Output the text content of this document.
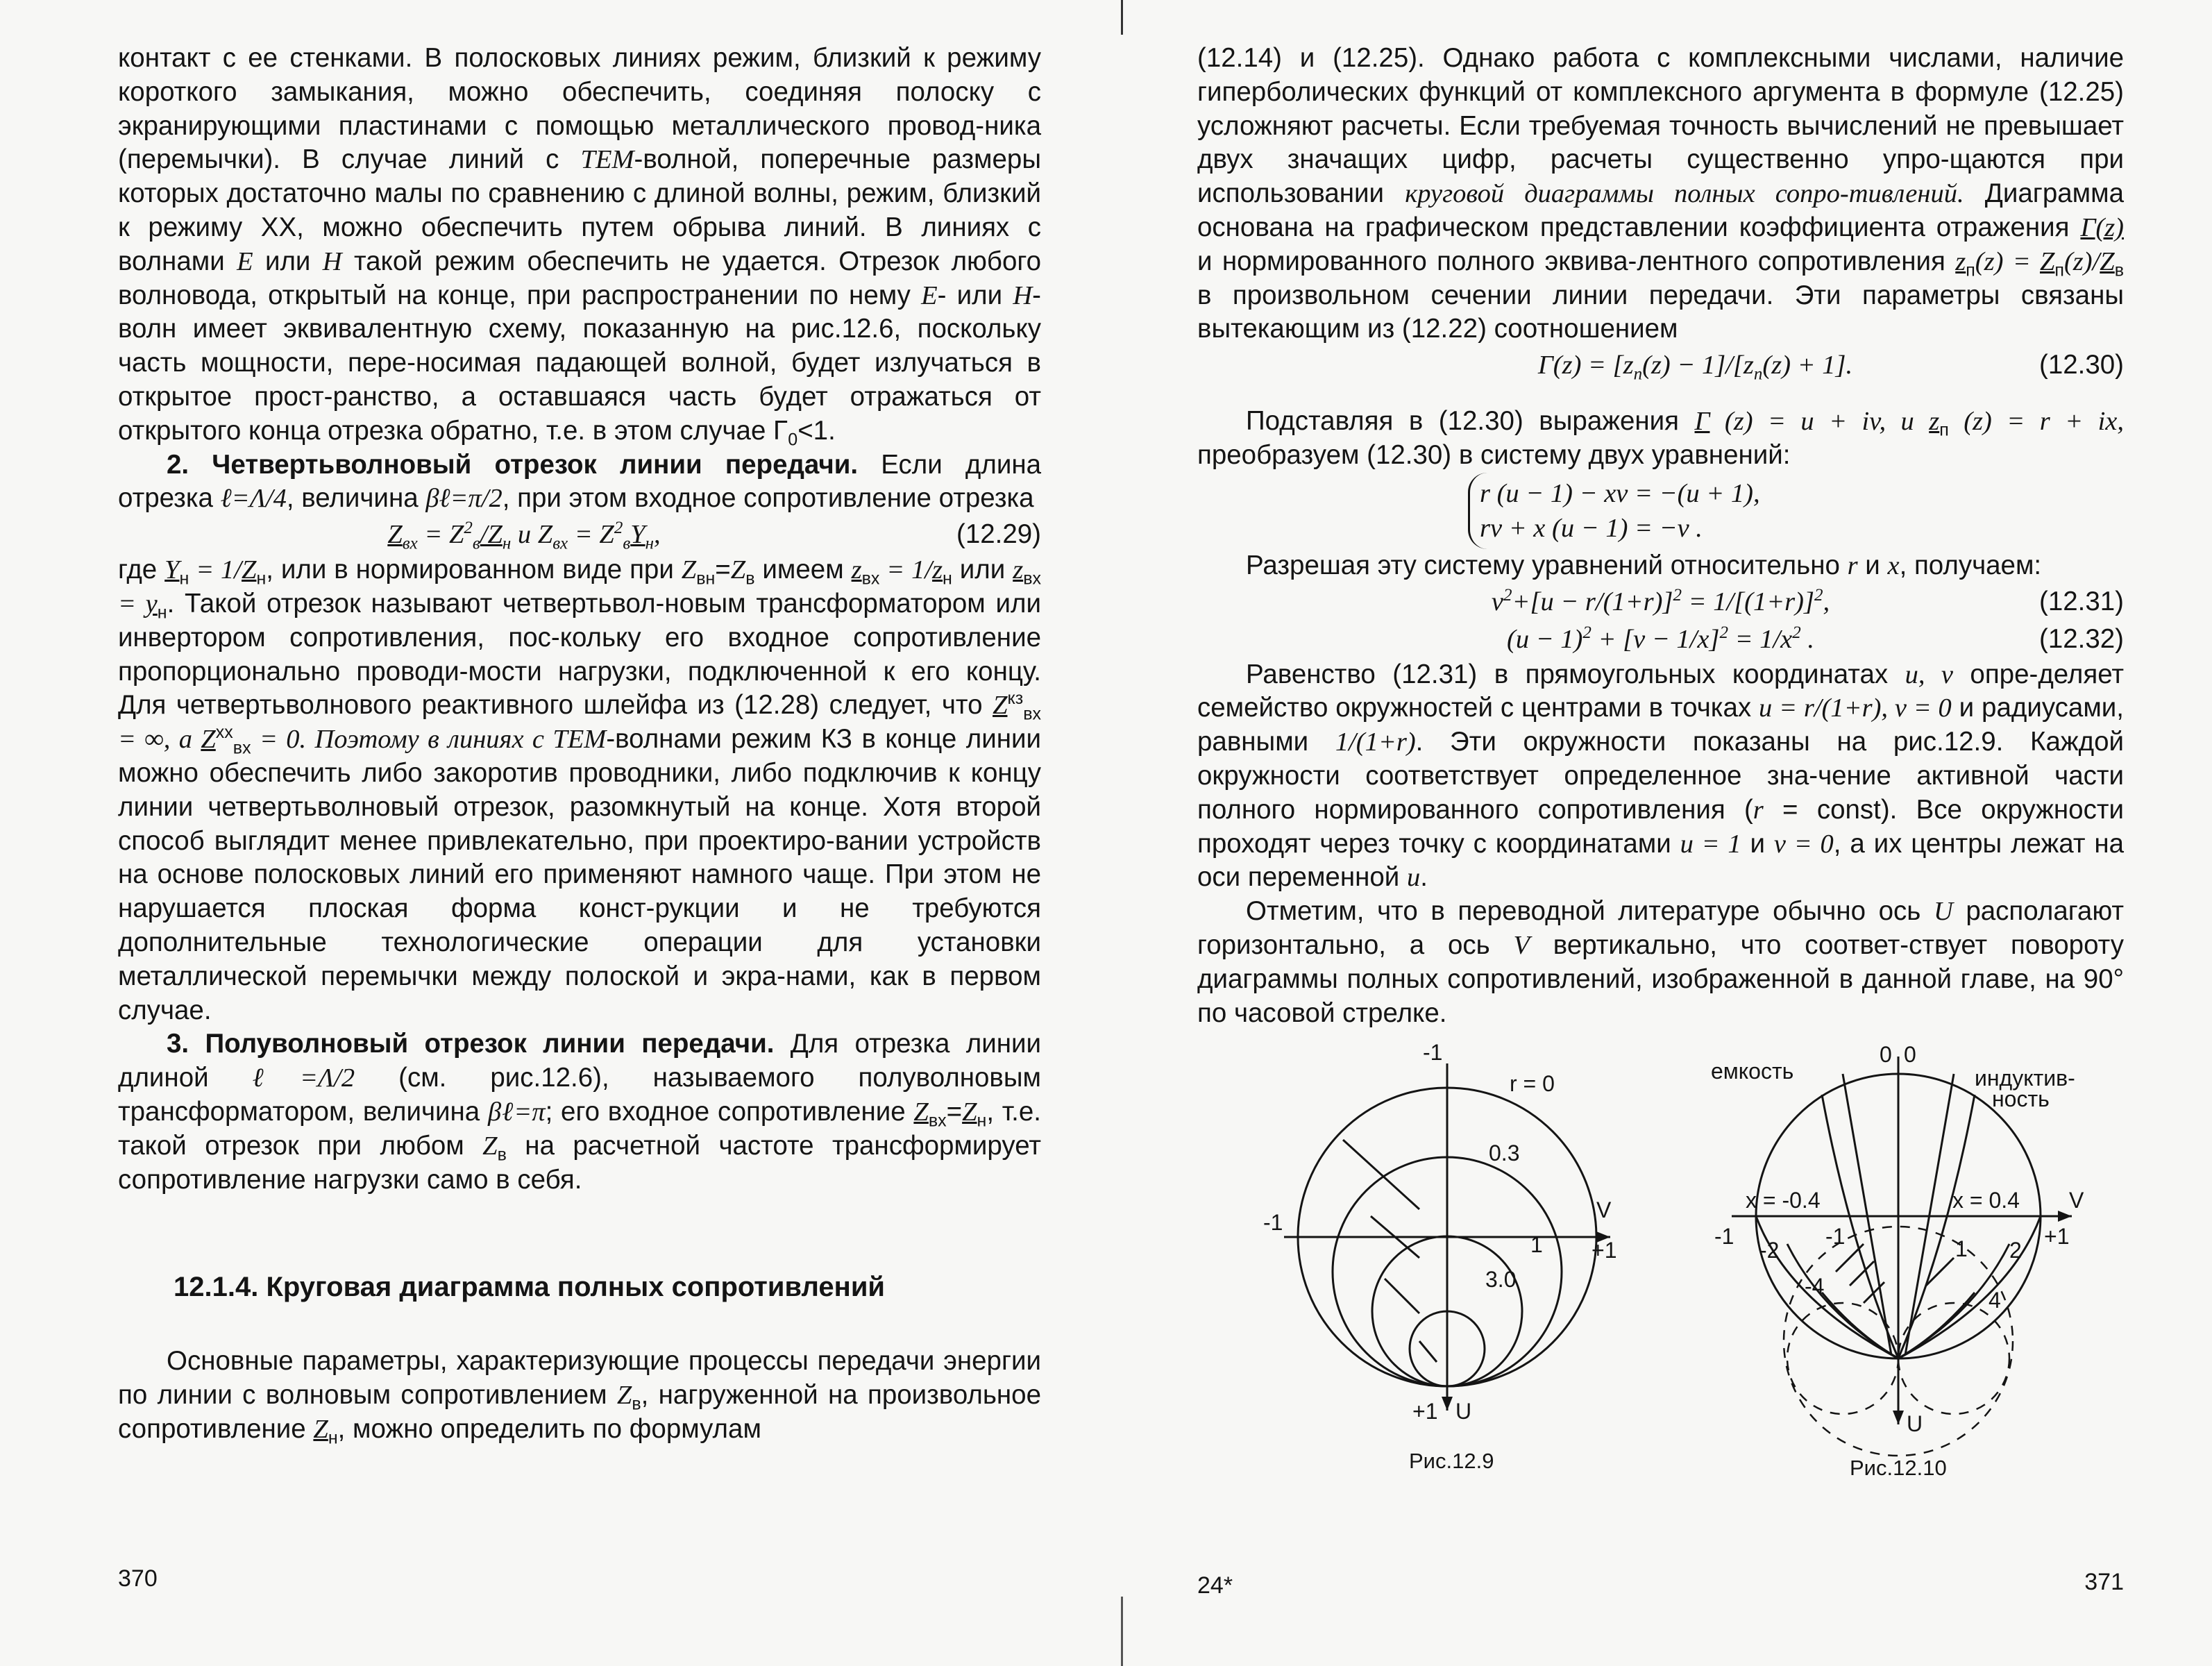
контакт с ее стенками. В полосковых линиях режим, близкий к режиму короткого замыкания, можно обеспечить, соединяя полоску с экранирующими пластинами с помощью металлического провод-ника (перемычки). В случае линий с TEM-волной, поперечные размеры которых достаточно малы по сравнению с длиной волны, режим, близкий к режиму XX, можно обеспечить путем обрыва линий. В линиях с волнами E или H такой режим обеспечить не удается. Отрезок любого волновода, открытый на конце, при распространении по нему E- или H-волн имеет эквивалентную схему, показанную на рис.12.6, поскольку часть мощности, пере-носимая падающей волной, будет излучаться в открытое прост-ранство, а оставшаяся часть будет отражаться от открытого конца отрезка обратно, т.е. в этом случае $\Gamma_0<1$.

2. Четвертьволновый отрезок линии передачи. Если длина отрезка ℓ=Λ/4, величина βℓ=π/2, при этом входное сопротивление отрезка

$Z_{вх} = Z^2_в/Z_н$ и $Z_{вх} = Z^2_вY_н$,	(12.29)

где $Y_н = 1/Z_н$, или в нормированном виде при $Z_{вн}=Z_в$ имеем $z_{вх} = 1/z_н$ или $z_{вх} = y_н$. Такой отрезок называют четвертьвол-новым трансформатором или инвертором сопротивления, пос-кольку его входное сопротивление пропорционально проводи-мости нагрузки, подключенной к его концу. Для четвертьволнового реактивного шлейфа из (12.28) следует, что $Z^{кз}_{вх}$ = ∞, а $Z^{хх}_{вх} = 0$. Поэтому в линиях с TEM-волнами режим КЗ в конце линии можно обеспечить либо закоротив проводники, либо подключив к концу линии четвертьволновый отрезок, разомкнутый на конце. Хотя второй способ выглядит менее привлекательно, при проектиро-вании устройств на основе полосковых линий его применяют намного чаще. При этом не нарушается плоская форма конст-рукции и не требуются дополнительные технологические операции для установки металлической перемычки между полоской и экра-нами, как в первом случае.

3. Полуволновый отрезок линии передачи. Для отрезка линии длиной ℓ=Λ/2 (см. рис.12.6), называемого полуволновым трансформатором, величина βℓ=π; его входное сопротивление $Z_{вх}=Z_н$, т.е. такой отрезок при любом $Z_в$ на расчетной частоте трансформирует сопротивление нагрузки само в себя.

12.1.4. Круговая диаграмма полных сопротивлений

Основные параметры, характеризующие процессы передачи энергии по линии с волновым сопротивлением $Z_в$, нагруженной на произвольное сопротивление $Z_н$, можно определить по формулам

370

(12.14) и (12.25). Однако работа с комплексными числами, наличие гиперболических функций от комплексного аргумента в формуле (12.25) усложняют расчеты. Если требуемая точность вычислений не превышает двух значащих цифр, расчеты существенно упро-щаются при использовании круговой диаграммы полных сопро-тивлений. Диаграмма основана на графическом представлении коэффициента отражения Γ(z) и нормированного полного эквива-лентного сопротивления $z_п(z) = Z_п(z)/Z_в$ в произвольном сечении линии передачи. Эти параметры связаны вытекающим из (12.22) соотношением

$\Gamma(z) = [z_п(z) - 1]/[z_п(z) + 1]$.	(12.30)

Подставляя в (12.30) выражения Γ (z) = u + iv, и $z_п$ (z) = r + ix, преобразуем (12.30) в систему двух уравнений:

r (u − 1) − xv = −(u + 1),
rv + x (u − 1) = −v .

Разрешая эту систему уравнений относительно r и x, получаем:

$v^2+[u - r/(1+r)]^2 = 1/[(1+r)]^2$,	(12.31)
$(u - 1)^2 + [v - 1/x]^2 = 1/x^2$ .	(12.32)

Равенство (12.31) в прямоугольных координатах u, v опре-деляет семейство окружностей с центрами в точках u = r/(1+r), v = 0 и радиусами, равными 1/(1+r). Эти окружности показаны на рис.12.9. Каждой окружности соответствует определенное зна-чение активной части полного нормированного сопротивления (r = const). Все окружности проходят через точку с координатами u = 1 и v = 0, а их центры лежат на оси переменной u.

Отметим, что в переводной литературе обычно ось U располагают горизонтально, а ось V вертикально, что соответ-ствует повороту диаграммы полных сопротивлений, изображенной в данной главе, на 90° по часовой стрелке.

-1
r = 0
0.3
-1	V
+1
1
3.0
+1 U
Рис.12.9
емкость
0 0
индуктив-
ность
x = -0.4	x = 0.4 V
-1	-1
-2	1 2
+1
-4
4
U
Рис.12.10
24*	371
